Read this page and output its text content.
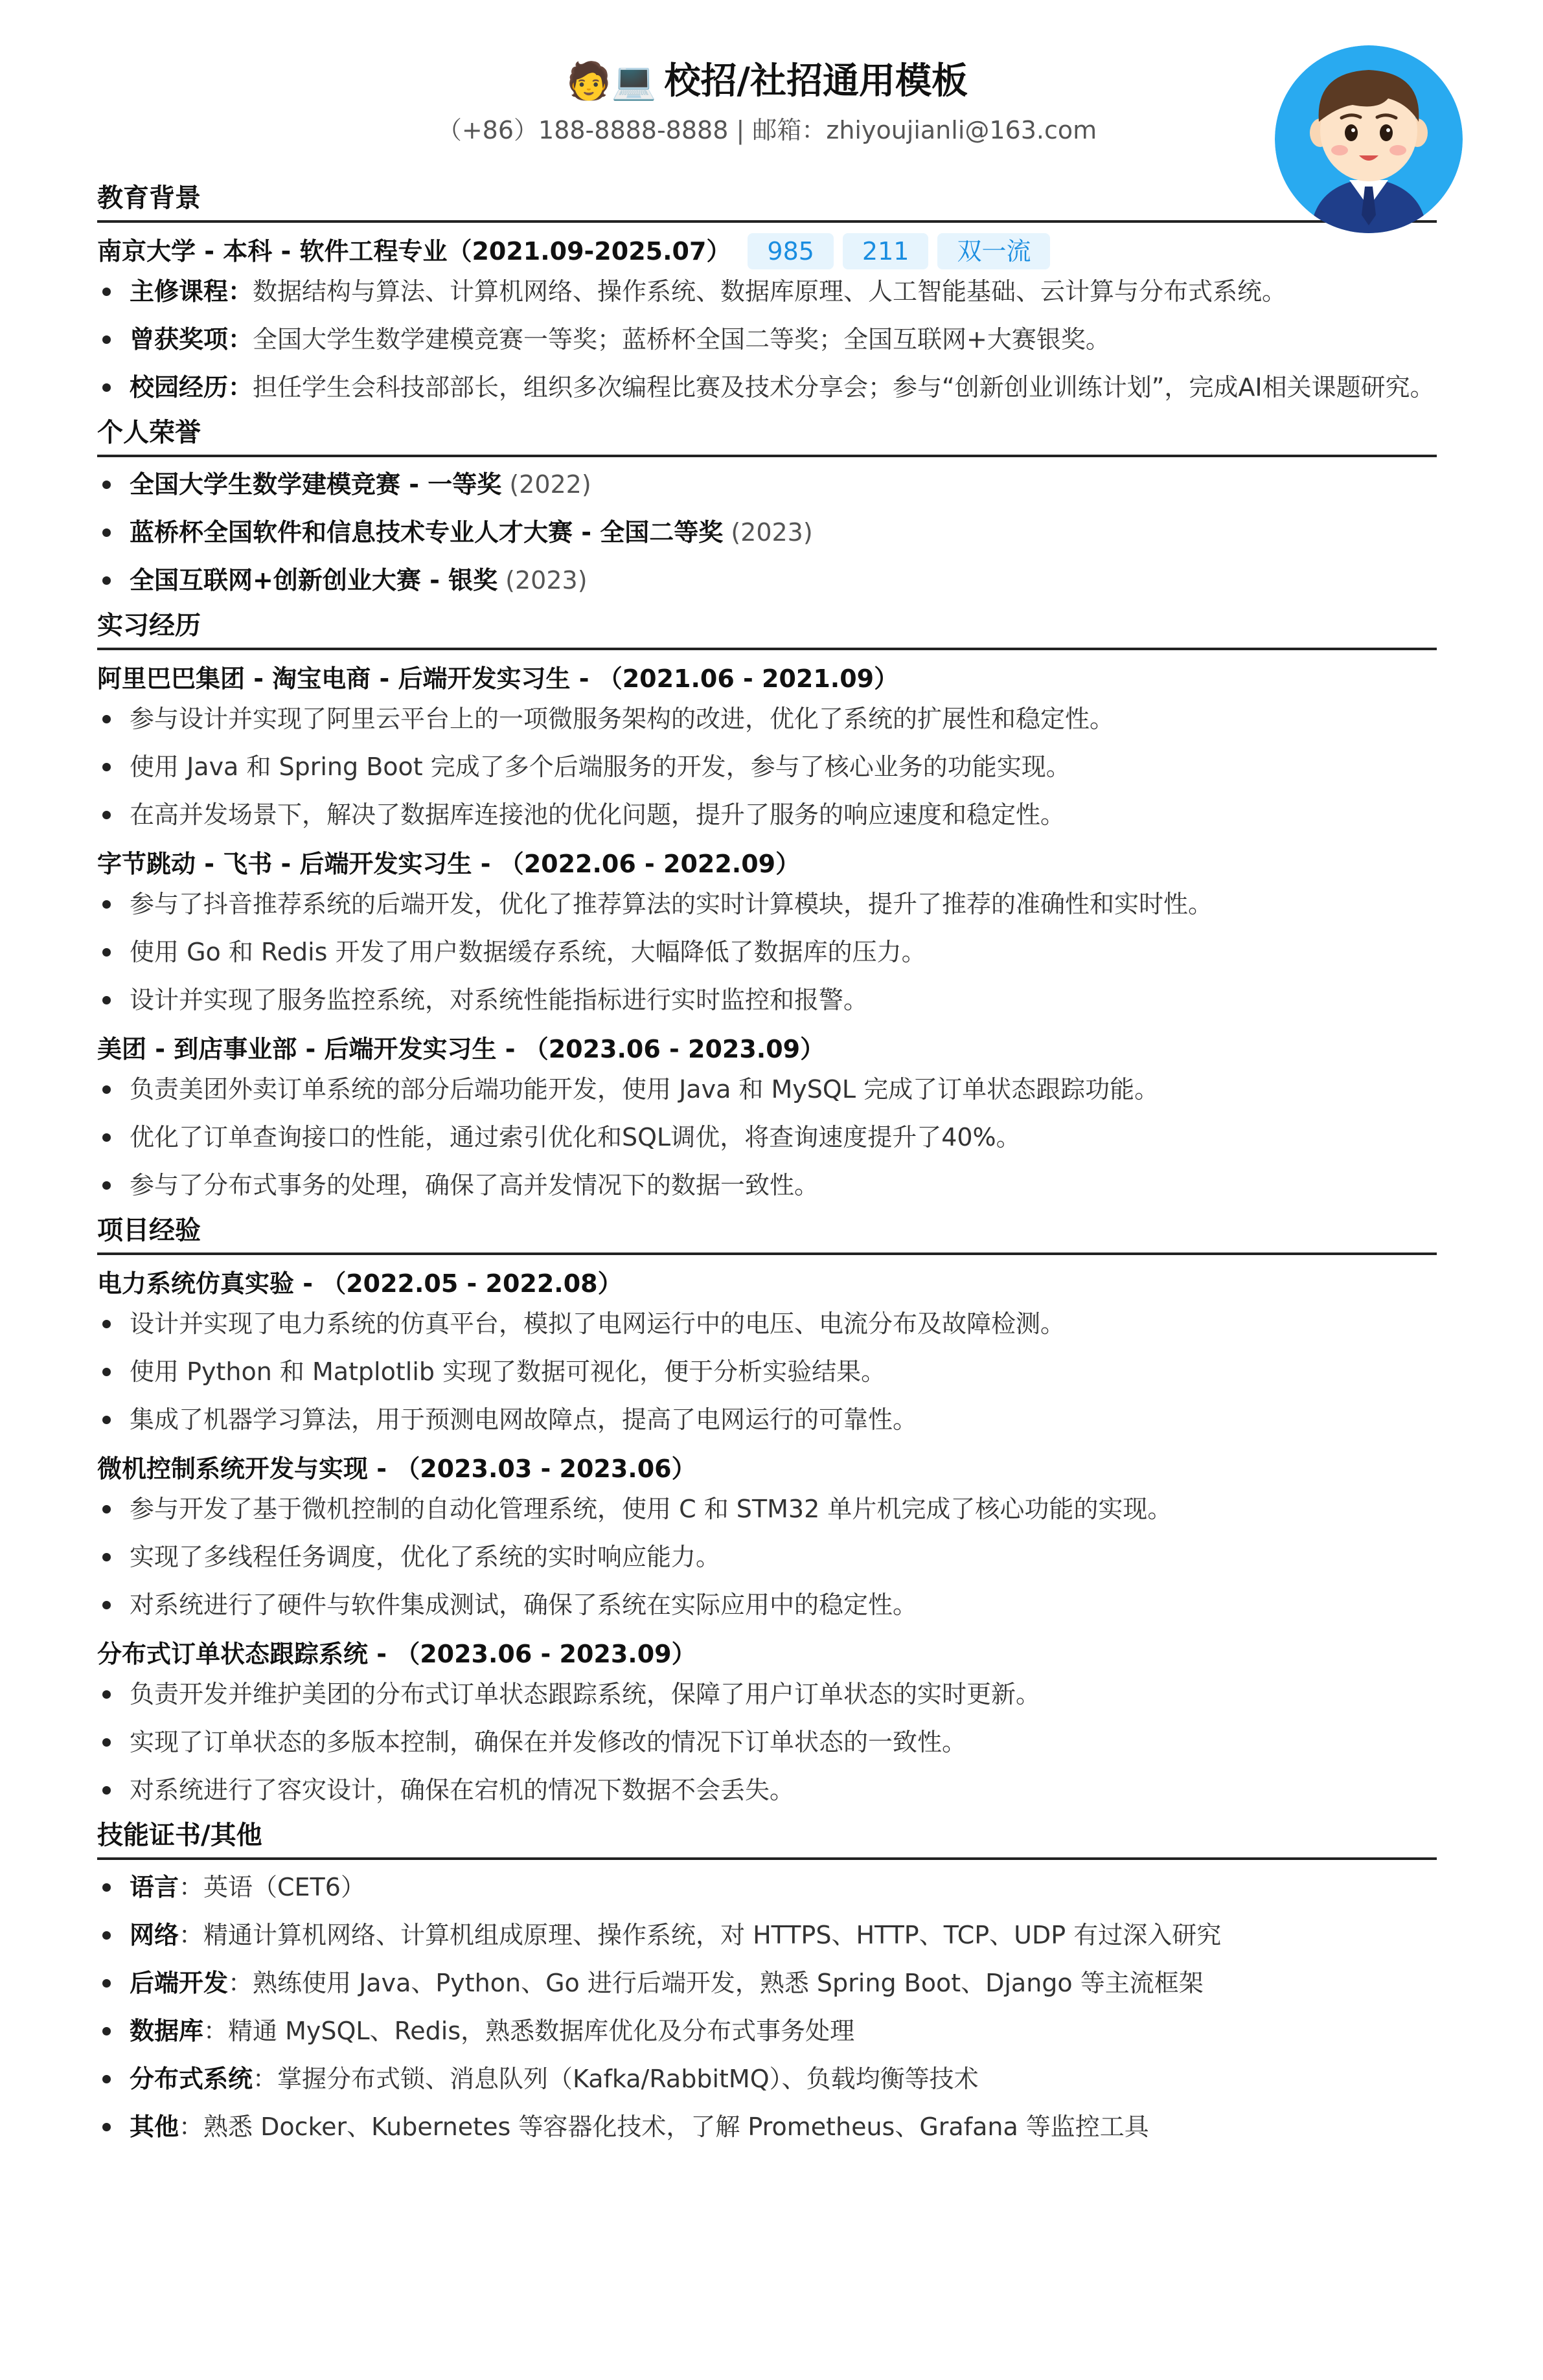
🧑💻 校招/社招通用模板
（+86）188-8888-8888 | 邮箱：zhiyoujianli@163.com
教育背景
南京大学 - 本科 - 软件工程专业（2021.09-2025.07）	985	211	双一流
主修课程：数据结构与算法、计算机网络、操作系统、数据库原理、人工智能基础、云计算与分布式系统。
曾获奖项：全国大学生数学建模竞赛一等奖；蓝桥杯全国二等奖；全国互联网+大赛银奖。
校园经历：担任学生会科技部部长，组织多次编程比赛及技术分享会；参与“创新创业训练计划”，完成AI相关课题研究。
个人荣誉
全国大学生数学建模竞赛 - 一等奖 (2022)
蓝桥杯全国软件和信息技术专业人才大赛 - 全国二等奖 (2023)
全国互联网+创新创业大赛 - 银奖 (2023)
实习经历
阿里巴巴集团 - 淘宝电商 - 后端开发实习生 - （2021.06 - 2021.09）
参与设计并实现了阿里云平台上的一项微服务架构的改进，优化了系统的扩展性和稳定性。
使用 Java 和 Spring Boot 完成了多个后端服务的开发，参与了核心业务的功能实现。
在高并发场景下，解决了数据库连接池的优化问题，提升了服务的响应速度和稳定性。
字节跳动 - 飞书 - 后端开发实习生 - （2022.06 - 2022.09）
参与了抖音推荐系统的后端开发，优化了推荐算法的实时计算模块，提升了推荐的准确性和实时性。
使用 Go 和 Redis 开发了用户数据缓存系统，大幅降低了数据库的压力。
设计并实现了服务监控系统，对系统性能指标进行实时监控和报警。
美团 - 到店事业部 - 后端开发实习生 - （2023.06 - 2023.09）
负责美团外卖订单系统的部分后端功能开发，使用 Java 和 MySQL 完成了订单状态跟踪功能。
优化了订单查询接口的性能，通过索引优化和SQL调优，将查询速度提升了40%。
参与了分布式事务的处理，确保了高并发情况下的数据一致性。
项目经验
电力系统仿真实验 - （2022.05 - 2022.08）
设计并实现了电力系统的仿真平台，模拟了电网运行中的电压、电流分布及故障检测。
使用 Python 和 Matplotlib 实现了数据可视化，便于分析实验结果。
集成了机器学习算法，用于预测电网故障点，提高了电网运行的可靠性。
微机控制系统开发与实现 - （2023.03 - 2023.06）
参与开发了基于微机控制的自动化管理系统，使用 C 和 STM32 单片机完成了核心功能的实现。
实现了多线程任务调度，优化了系统的实时响应能力。
对系统进行了硬件与软件集成测试，确保了系统在实际应用中的稳定性。
分布式订单状态跟踪系统 - （2023.06 - 2023.09）
负责开发并维护美团的分布式订单状态跟踪系统，保障了用户订单状态的实时更新。
实现了订单状态的多版本控制，确保在并发修改的情况下订单状态的一致性。
对系统进行了容灾设计，确保在宕机的情况下数据不会丢失。
技能证书/其他
语言：英语（CET6）
网络：精通计算机网络、计算机组成原理、操作系统，对 HTTPS、HTTP、TCP、UDP 有过深入研究
后端开发：熟练使用 Java、Python、Go 进行后端开发，熟悉 Spring Boot、Django 等主流框架
数据库：精通 MySQL、Redis，熟悉数据库优化及分布式事务处理
分布式系统：掌握分布式锁、消息队列（Kafka/RabbitMQ）、负载均衡等技术
其他：熟悉 Docker、Kubernetes 等容器化技术，了解 Prometheus、Grafana 等监控工具
